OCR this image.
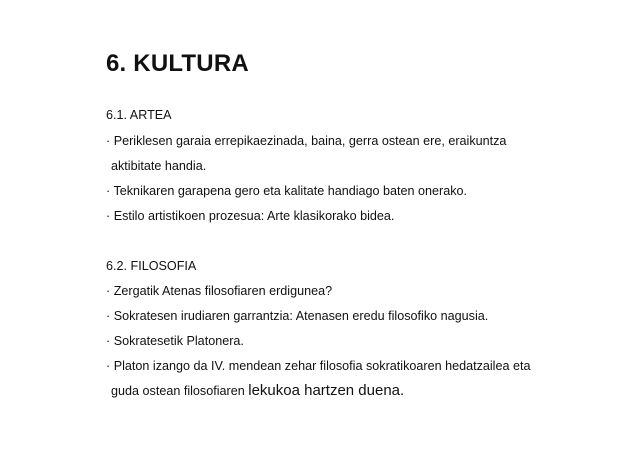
6. KULTURA
6.1. ARTEA
· Periklesen garaia errepikaezinada, baina, gerra ostean ere, eraikuntza
aktibitate handia.
· Teknikaren garapena gero eta kalitate handiago baten onerako.
· Estilo artistikoen prozesua: Arte klasikorako bidea.
6.2. FILOSOFIA
· Zergatik Atenas filosofiaren erdigunea?
· Sokratesen irudiaren garrantzia: Atenasen eredu filosofiko nagusia.
· Sokratesetik Platonera.
· Platon izango da IV. mendean zehar filosofia sokratikoaren hedatzailea eta
guda ostean filosofiaren lekukoa hartzen duena.
